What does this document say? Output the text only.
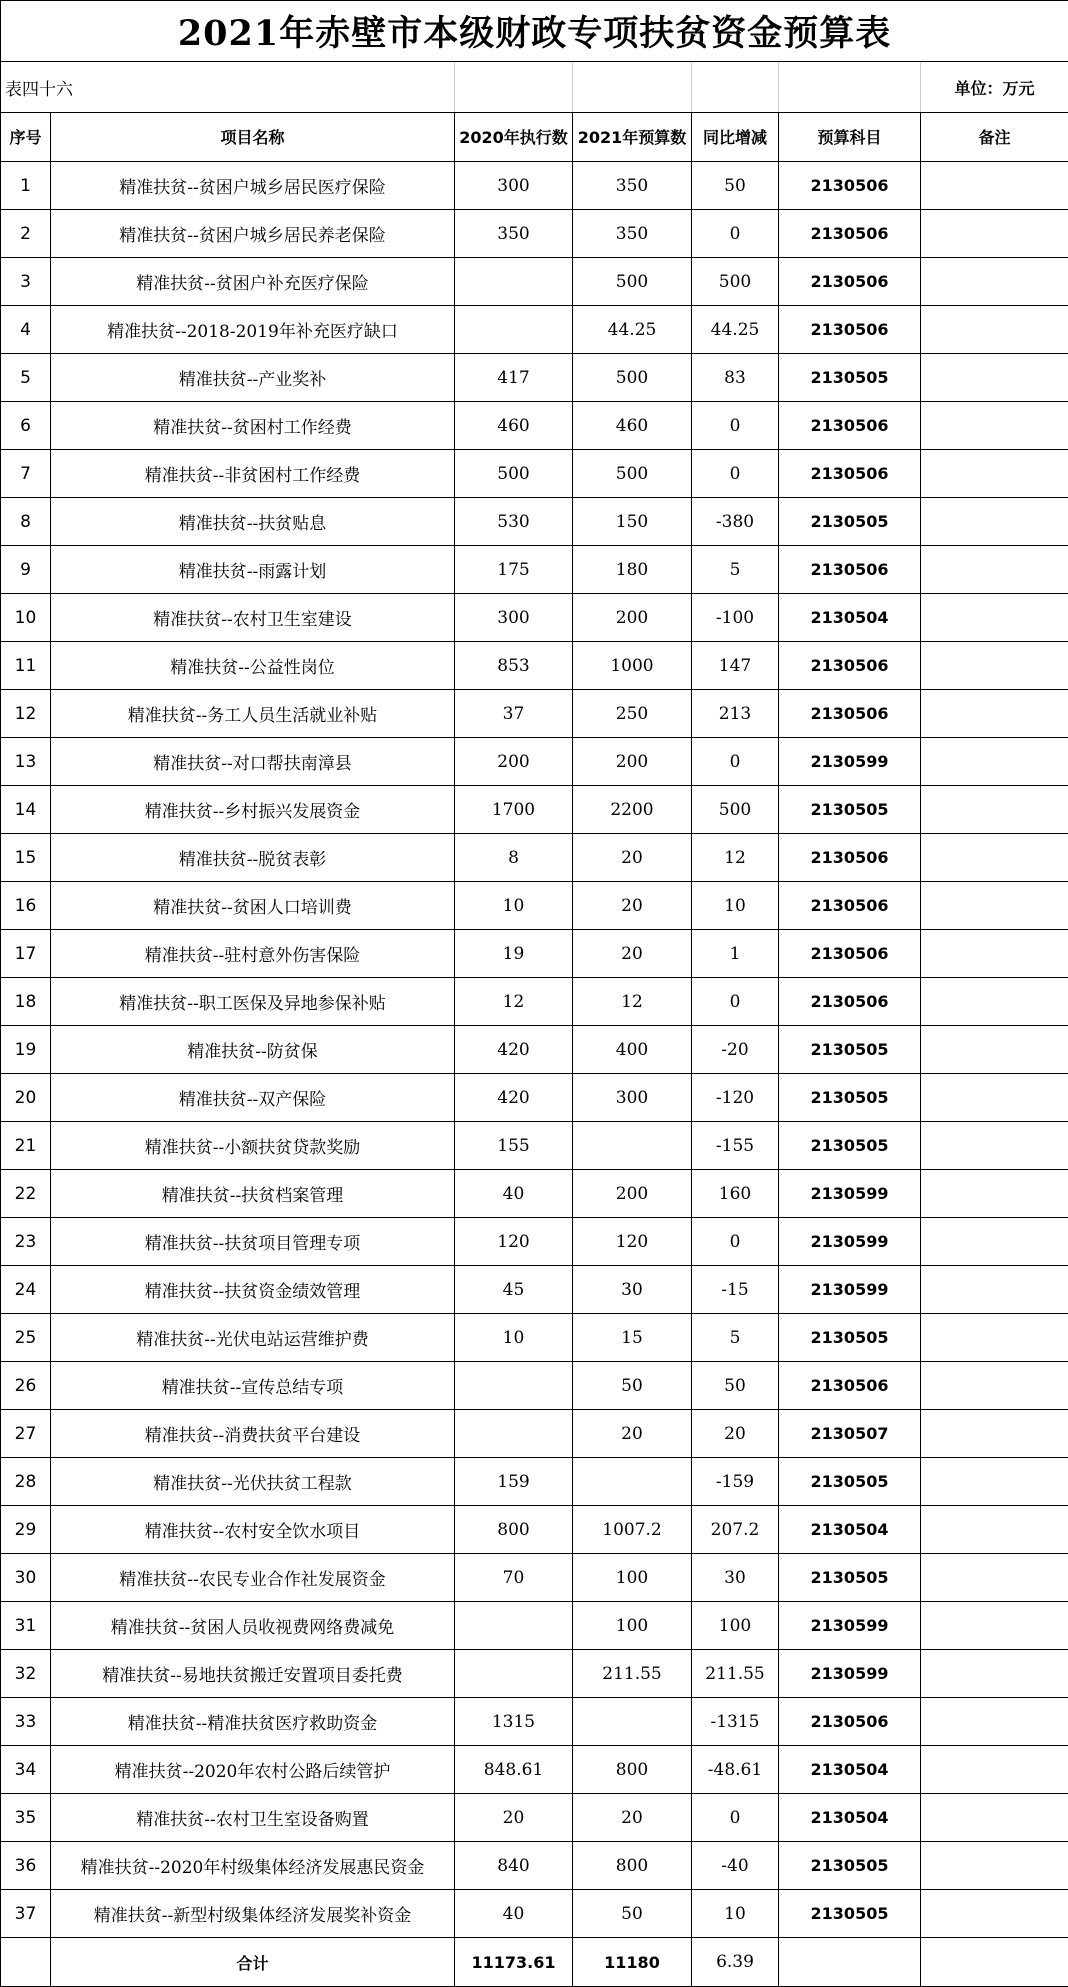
2021年赤壁市本级财政专项扶贫资金预算表						
表四十六						单位：万元
序号	项目名称	2020年执行数	2021年预算数	同比增减	预算科目	备注
1	精准扶贫--贫困户城乡居民医疗保险	300	350	50	2130506	
2	精准扶贫--贫困户城乡居民养老保险	350	350	0	2130506	
3	精准扶贫--贫困户补充医疗保险		500	500	2130506	
4	精准扶贫--2018-2019年补充医疗缺口		44.25	44.25	2130506	
5	精准扶贫--产业奖补	417	500	83	2130505	
6	精准扶贫--贫困村工作经费	460	460	0	2130506	
7	精准扶贫--非贫困村工作经费	500	500	0	2130506	
8	精准扶贫--扶贫贴息	530	150	-380	2130505	
9	精准扶贫--雨露计划	175	180	5	2130506	
10	精准扶贫--农村卫生室建设	300	200	-100	2130504	
11	精准扶贫--公益性岗位	853	1000	147	2130506	
12	精准扶贫--务工人员生活就业补贴	37	250	213	2130506	
13	精准扶贫--对口帮扶南漳县	200	200	0	2130599	
14	精准扶贫--乡村振兴发展资金	1700	2200	500	2130505	
15	精准扶贫--脱贫表彰	8	20	12	2130506	
16	精准扶贫--贫困人口培训费	10	20	10	2130506	
17	精准扶贫--驻村意外伤害保险	19	20	1	2130506	
18	精准扶贫--职工医保及异地参保补贴	12	12	0	2130506	
19	精准扶贫--防贫保	420	400	-20	2130505	
20	精准扶贫--双产保险	420	300	-120	2130505	
21	精准扶贫--小额扶贫贷款奖励	155		-155	2130505	
22	精准扶贫--扶贫档案管理	40	200	160	2130599	
23	精准扶贫--扶贫项目管理专项	120	120	0	2130599	
24	精准扶贫--扶贫资金绩效管理	45	30	-15	2130599	
25	精准扶贫--光伏电站运营维护费	10	15	5	2130505	
26	精准扶贫--宣传总结专项		50	50	2130506	
27	精准扶贫--消费扶贫平台建设		20	20	2130507	
28	精准扶贫--光伏扶贫工程款	159		-159	2130505	
29	精准扶贫--农村安全饮水项目	800	1007.2	207.2	2130504	
30	精准扶贫--农民专业合作社发展资金	70	100	30	2130505	
31	精准扶贫--贫困人员收视费网络费减免		100	100	2130599	
32	精准扶贫--易地扶贫搬迁安置项目委托费		211.55	211.55	2130599	
33	精准扶贫--精准扶贫医疗救助资金	1315		-1315	2130506	
34	精准扶贫--2020年农村公路后续管护	848.61	800	-48.61	2130504	
35	精准扶贫--农村卫生室设备购置	20	20	0	2130504	
36	精准扶贫--2020年村级集体经济发展惠民资金	840	800	-40	2130505	
37	精准扶贫--新型村级集体经济发展奖补资金	40	50	10	2130505	
	合计	11173.61	11180	6.39		
